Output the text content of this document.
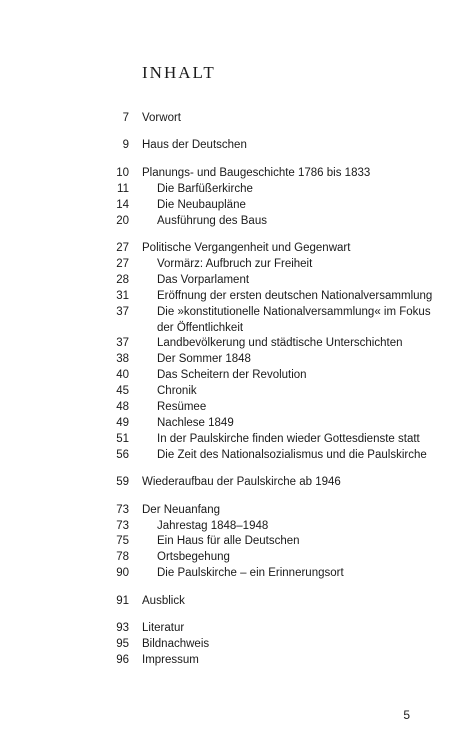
INHALT
7 Vorwort
9 Haus der Deutschen
10 Planungs- und Baugeschichte 1786 bis 1833
11 Die Barfüßerkirche
14 Die Neubaupläne
20 Ausführung des Baus
27 Politische Vergangenheit und Gegenwart
27 Vormärz: Aufbruch zur Freiheit
28 Das Vorparlament
31 Eröffnung der ersten deutschen Nationalversammlung
37 Die »konstitutionelle Nationalversammlung« im Fokus
der Öffentlichkeit
37 Landbevölkerung und städtische Unterschichten
38 Der Sommer 1848
40 Das Scheitern der Revolution
45 Chronik
48 Resümee
49 Nachlese 1849
51 In der Paulskirche finden wieder Gottesdienste statt
56 Die Zeit des Nationalsozialismus und die Paulskirche
59 Wiederaufbau der Paulskirche ab 1946
73 Der Neuanfang
73 Jahrestag 1848–1948
75 Ein Haus für alle Deutschen
78 Ortsbegehung
90 Die Paulskirche – ein Erinnerungsort
91 Ausblick
93 Literatur
95 Bildnachweis
96 Impressum
5
